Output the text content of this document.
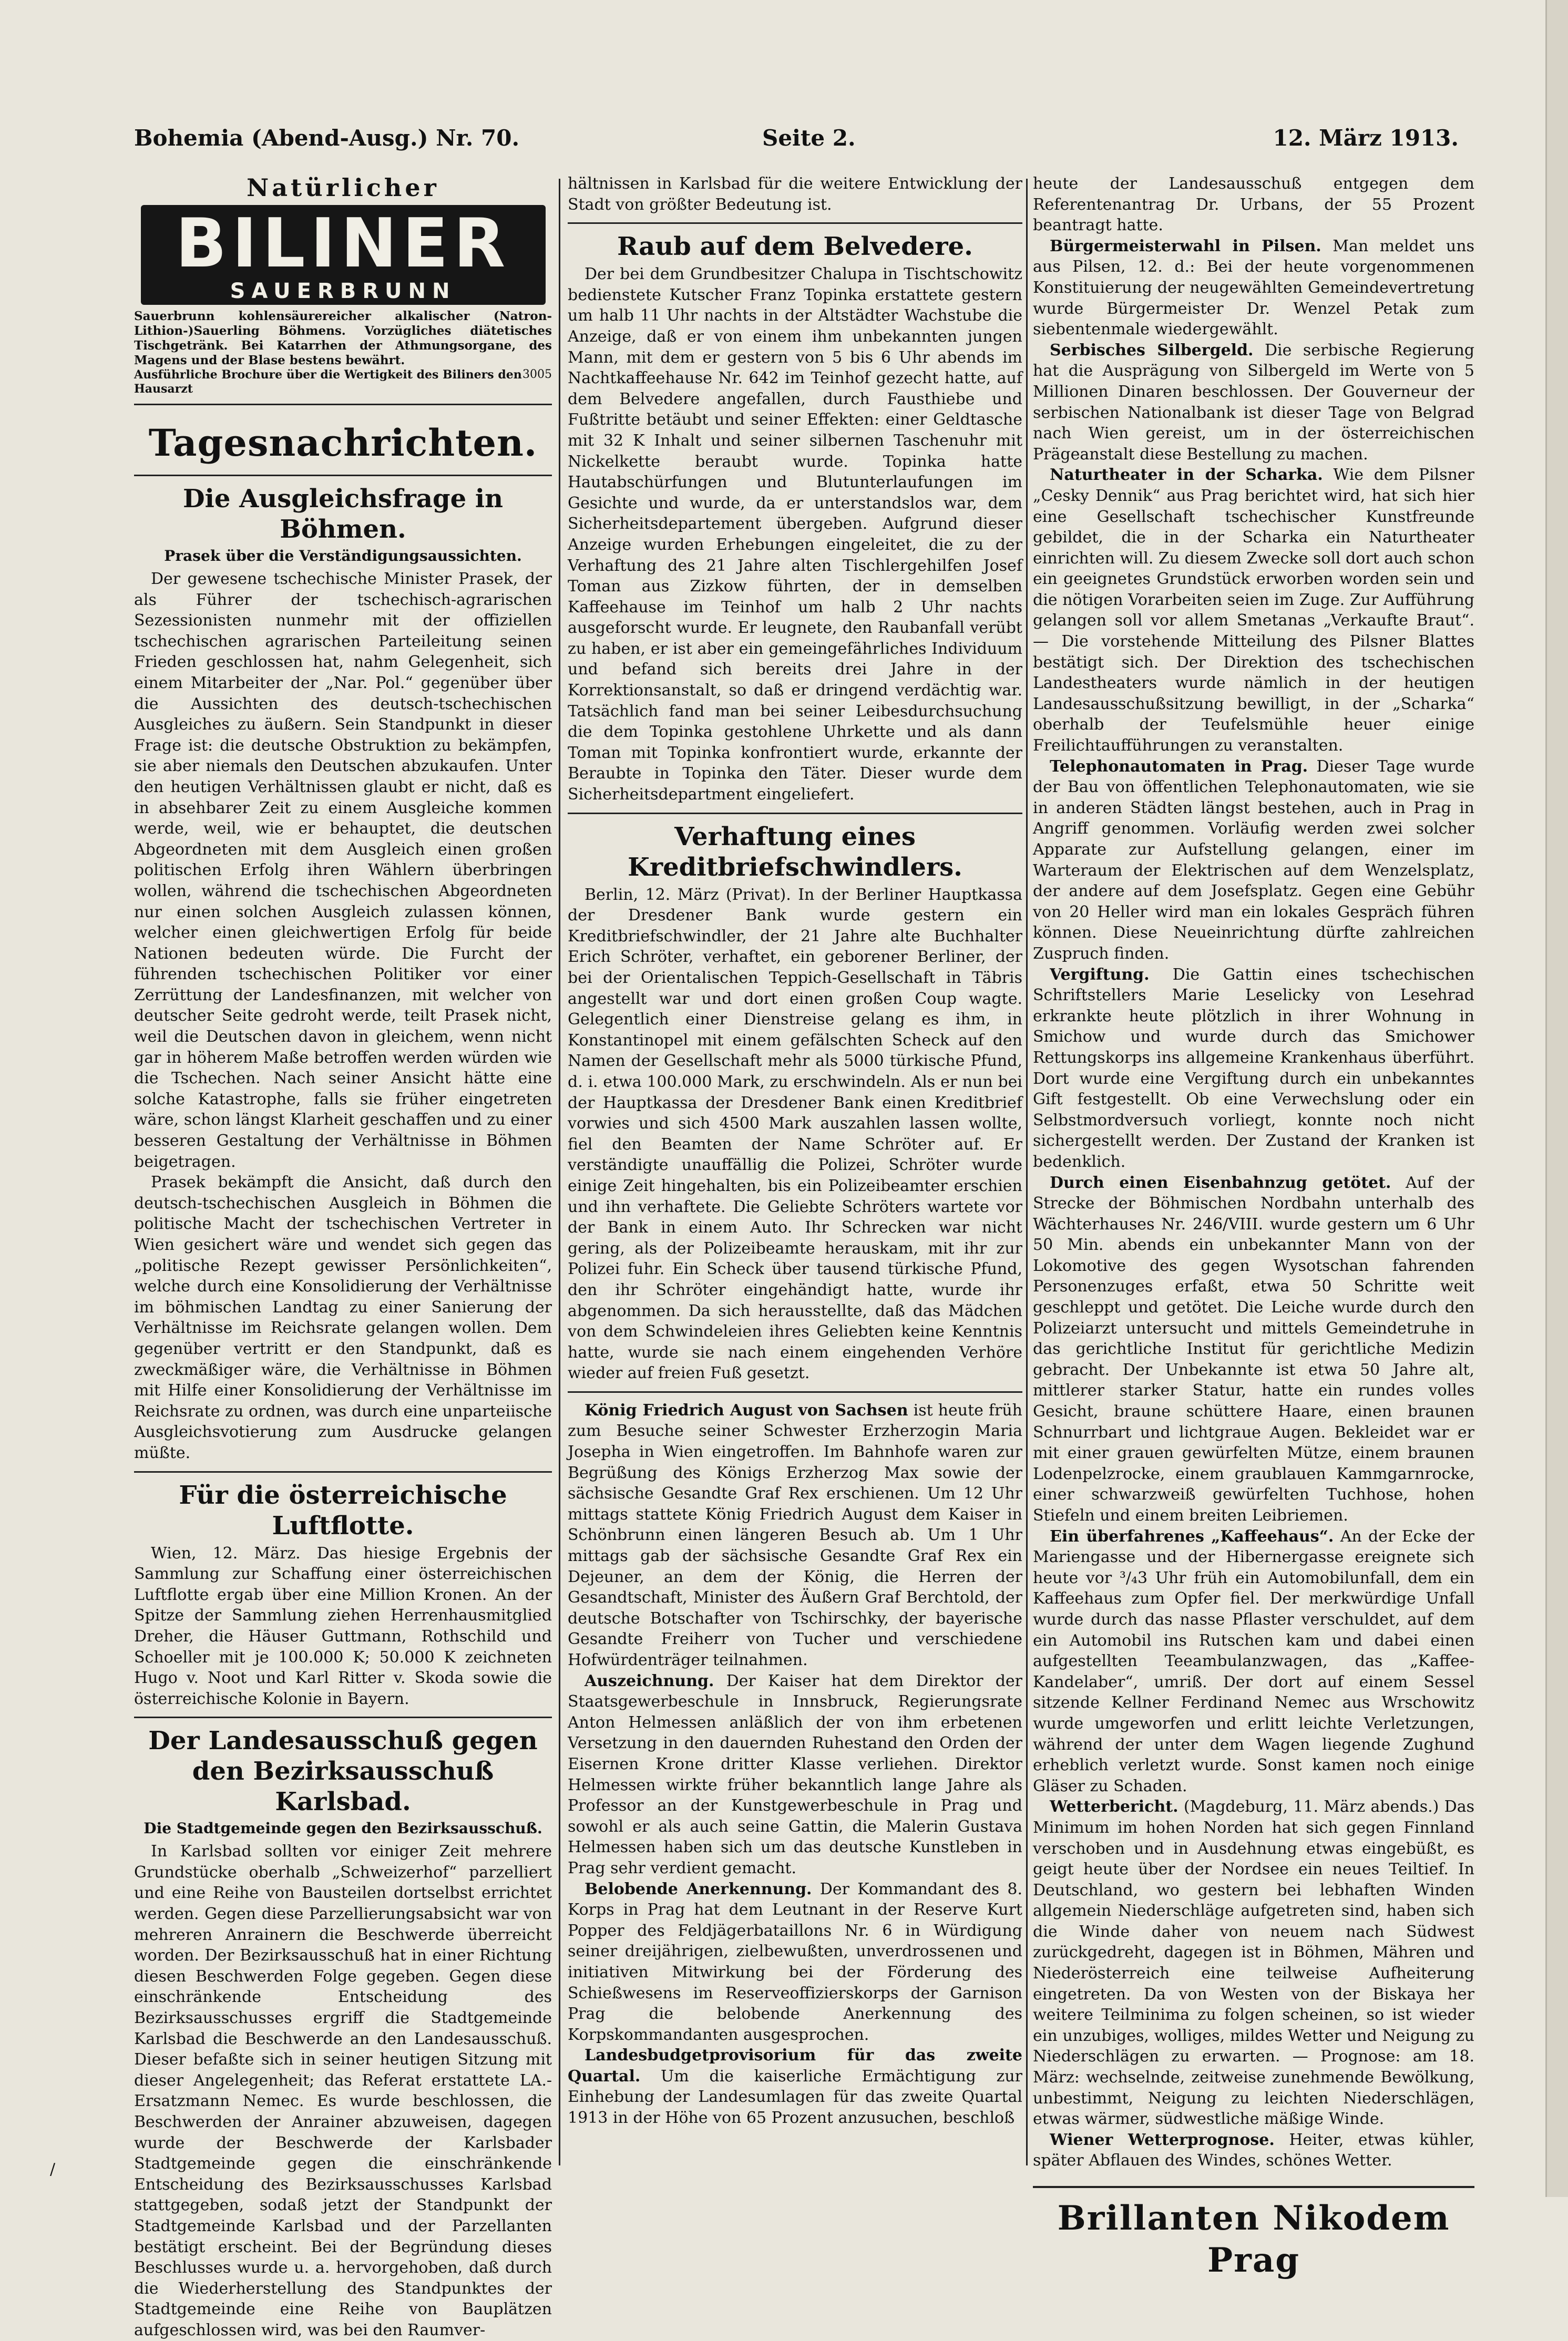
Bohemia (Abend-Ausg.) Nr. 70.	Seite 2.	12. März 1913.
Natürlicher
BILINER
SAUERBRUNN
Sauerbrunn kohlensäurereicher alkalischer (Natron-Lithion-)Sauerling Böhmens. Vorzügliches diätetisches Tischgetränk. Bei Katarrhen der Athmungsorgane, des Magens und der Blase bestens bewährt.
3005
Ausführliche Brochure über die Wertigkeit des Biliners den Hausarzt
Tagesnachrichten.
Die Ausgleichsfrage in Böhmen.
Prasek über die Verständigungsaussichten.

Der gewesene tschechische Minister Prasek, der als Führer der tschechisch-agrarischen Sezessionisten nunmehr mit der offiziellen tschechischen agrarischen Parteileitung seinen Frieden geschlossen hat, nahm Gelegenheit, sich einem Mitarbeiter der „Nar. Pol.“ gegenüber über die Aussichten des deutsch-tschechischen Ausgleiches zu äußern. Sein Standpunkt in dieser Frage ist: die deutsche Obstruktion zu bekämpfen, sie aber niemals den Deutschen abzukaufen. Unter den heutigen Verhältnissen glaubt er nicht, daß es in absehbarer Zeit zu einem Ausgleiche kommen werde, weil, wie er behauptet, die deutschen Abgeordneten mit dem Ausgleich einen großen politischen Erfolg ihren Wählern überbringen wollen, während die tschechischen Abgeordneten nur einen solchen Ausgleich zulassen können, welcher einen gleichwertigen Erfolg für beide Nationen bedeuten würde. Die Furcht der führenden tschechischen Politiker vor einer Zerrüttung der Landesfinanzen, mit welcher von deutscher Seite gedroht werde, teilt Prasek nicht, weil die Deutschen davon in gleichem, wenn nicht gar in höherem Maße betroffen werden würden wie die Tschechen. Nach seiner Ansicht hätte eine solche Katastrophe, falls sie früher eingetreten wäre, schon längst Klarheit geschaffen und zu einer besseren Gestaltung der Verhältnisse in Böhmen beigetragen.

Prasek bekämpft die Ansicht, daß durch den deutsch-tschechischen Ausgleich in Böhmen die politische Macht der tschechischen Vertreter in Wien gesichert wäre und wendet sich gegen das „politische Rezept gewisser Persönlichkeiten“, welche durch eine Konsolidierung der Verhältnisse im böhmischen Landtag zu einer Sanierung der Verhältnisse im Reichsrate gelangen wollen. Dem gegenüber vertritt er den Standpunkt, daß es zweckmäßiger wäre, die Verhältnisse in Böhmen mit Hilfe einer Konsolidierung der Verhältnisse im Reichsrate zu ordnen, was durch eine unparteiische Ausgleichsvotierung zum Ausdrucke gelangen müßte.

Für die österreichische Luftflotte.

Wien, 12. März. Das hiesige Ergebnis der Sammlung zur Schaffung einer österreichischen Luftflotte ergab über eine Million Kronen. An der Spitze der Sammlung ziehen Herrenhausmitglied Dreher, die Häuser Guttmann, Rothschild und Schoeller mit je 100.000 K; 50.000 K zeichneten Hugo v. Noot und Karl Ritter v. Skoda sowie die österreichische Kolonie in Bayern.

Der Landesausschuß gegen den Bezirksausschuß Karlsbad.
Die Stadtgemeinde gegen den Bezirksausschuß.

In Karlsbad sollten vor einiger Zeit mehrere Grundstücke oberhalb „Schweizerhof“ parzelliert und eine Reihe von Bausteilen dortselbst errichtet werden. Gegen diese Parzellierungsabsicht war von mehreren Anrainern die Beschwerde überreicht worden. Der Bezirksausschuß hat in einer Richtung diesen Beschwerden Folge gegeben. Gegen diese einschränkende Entscheidung des Bezirksausschusses ergriff die Stadtgemeinde Karlsbad die Beschwerde an den Landesausschuß. Dieser befaßte sich in seiner heutigen Sitzung mit dieser Angelegenheit; das Referat erstattete LA.-Ersatzmann Nemec. Es wurde beschlossen, die Beschwerden der Anrainer abzuweisen, dagegen wurde der Beschwerde der Karlsbader Stadtgemeinde gegen die einschränkende Entscheidung des Bezirksausschusses Karlsbad stattgegeben, sodaß jetzt der Standpunkt der Stadtgemeinde Karlsbad und der Parzellanten bestätigt erscheint. Bei der Begründung dieses Beschlusses wurde u. a. hervorgehoben, daß durch die Wiederherstellung des Standpunktes der Stadtgemeinde eine Reihe von Bauplätzen aufgeschlossen wird, was bei den Raumver-

hältnissen in Karlsbad für die weitere Entwicklung der Stadt von größter Bedeutung ist.

Raub auf dem Belvedere.

Der bei dem Grundbesitzer Chalupa in Tischtschowitz bedienstete Kutscher Franz Topinka erstattete gestern um halb 11 Uhr nachts in der Altstädter Wachstube die Anzeige, daß er von einem ihm unbekannten jungen Mann, mit dem er gestern von 5 bis 6 Uhr abends im Nachtkaffeehause Nr. 642 im Teinhof gezecht hatte, auf dem Belvedere angefallen, durch Fausthiebe und Fußtritte betäubt und seiner Effekten: einer Geldtasche mit 32 K Inhalt und seiner silbernen Taschenuhr mit Nickelkette beraubt wurde. Topinka hatte Hautabschürfungen und Blutunterlaufungen im Gesichte und wurde, da er unterstandslos war, dem Sicherheitsdepartement übergeben. Aufgrund dieser Anzeige wurden Erhebungen eingeleitet, die zu der Verhaftung des 21 Jahre alten Tischlergehilfen Josef Toman aus Zizkow führten, der in demselben Kaffeehause im Teinhof um halb 2 Uhr nachts ausgeforscht wurde. Er leugnete, den Raubanfall verübt zu haben, er ist aber ein gemeingefährliches Individuum und befand sich bereits drei Jahre in der Korrektionsanstalt, so daß er dringend verdächtig war. Tatsächlich fand man bei seiner Leibesdurchsuchung die dem Topinka gestohlene Uhrkette und als dann Toman mit Topinka konfrontiert wurde, erkannte der Beraubte in Topinka den Täter. Dieser wurde dem Sicherheitsdepartment eingeliefert.

Verhaftung eines Kreditbriefschwindlers.

Berlin, 12. März (Privat). In der Berliner Hauptkassa der Dresdener Bank wurde gestern ein Kreditbriefschwindler, der 21 Jahre alte Buchhalter Erich Schröter, verhaftet, ein geborener Berliner, der bei der Orientalischen Teppich-Gesellschaft in Täbris angestellt war und dort einen großen Coup wagte. Gelegentlich einer Dienstreise gelang es ihm, in Konstantinopel mit einem gefälschten Scheck auf den Namen der Gesellschaft mehr als 5000 türkische Pfund, d. i. etwa 100.000 Mark, zu erschwindeln. Als er nun bei der Hauptkassa der Dresdener Bank einen Kreditbrief vorwies und sich 4500 Mark auszahlen lassen wollte, fiel den Beamten der Name Schröter auf. Er verständigte unauffällig die Polizei, Schröter wurde einige Zeit hingehalten, bis ein Polizeibeamter erschien und ihn verhaftete. Die Geliebte Schröters wartete vor der Bank in einem Auto. Ihr Schrecken war nicht gering, als der Polizeibeamte herauskam, mit ihr zur Polizei fuhr. Ein Scheck über tausend türkische Pfund, den ihr Schröter eingehändigt hatte, wurde ihr abgenommen. Da sich herausstellte, daß das Mädchen von dem Schwindeleien ihres Geliebten keine Kenntnis hatte, wurde sie nach einem eingehenden Verhöre wieder auf freien Fuß gesetzt.

König Friedrich August von Sachsen ist heute früh zum Besuche seiner Schwester Erzherzogin Maria Josepha in Wien eingetroffen. Im Bahnhofe waren zur Begrüßung des Königs Erzherzog Max sowie der sächsische Gesandte Graf Rex erschienen. Um 12 Uhr mittags stattete König Friedrich August dem Kaiser in Schönbrunn einen längeren Besuch ab. Um 1 Uhr mittags gab der sächsische Gesandte Graf Rex ein Dejeuner, an dem der König, die Herren der Gesandtschaft, Minister des Äußern Graf Berchtold, der deutsche Botschafter von Tschirschky, der bayerische Gesandte Freiherr von Tucher und verschiedene Hofwürdenträger teilnahmen.

Auszeichnung. Der Kaiser hat dem Direktor der Staatsgewerbeschule in Innsbruck, Regierungsrate Anton Helmessen anläßlich der von ihm erbetenen Versetzung in den dauernden Ruhestand den Orden der Eisernen Krone dritter Klasse verliehen. Direktor Helmessen wirkte früher bekanntlich lange Jahre als Professor an der Kunstgewerbeschule in Prag und sowohl er als auch seine Gattin, die Malerin Gustava Helmessen haben sich um das deutsche Kunstleben in Prag sehr verdient gemacht.

Belobende Anerkennung. Der Kommandant des 8. Korps in Prag hat dem Leutnant in der Reserve Kurt Popper des Feldjägerbataillons Nr. 6 in Würdigung seiner dreijährigen, zielbewußten, unverdrossenen und initiativen Mitwirkung bei der Förderung des Schießwesens im Reserveoffizierskorps der Garnison Prag die belobende Anerkennung des Korpskommandanten ausgesprochen.

Landesbudgetprovisorium für das zweite Quartal. Um die kaiserliche Ermächtigung zur Einhebung der Landesumlagen für das zweite Quartal 1913 in der Höhe von 65 Prozent anzusuchen, beschloß

heute der Landesausschuß entgegen dem Referentenantrag Dr. Urbans, der 55 Prozent beantragt hatte.

Bürgermeisterwahl in Pilsen. Man meldet uns aus Pilsen, 12. d.: Bei der heute vorgenommenen Konstituierung der neugewählten Gemeindevertretung wurde Bürgermeister Dr. Wenzel Petak zum siebentenmale wiedergewählt.

Serbisches Silbergeld. Die serbische Regierung hat die Ausprägung von Silbergeld im Werte von 5 Millionen Dinaren beschlossen. Der Gouverneur der serbischen Nationalbank ist dieser Tage von Belgrad nach Wien gereist, um in der österreichischen Prägeanstalt diese Bestellung zu machen.

Naturtheater in der Scharka. Wie dem Pilsner „Cesky Dennik“ aus Prag berichtet wird, hat sich hier eine Gesellschaft tschechischer Kunstfreunde gebildet, die in der Scharka ein Naturtheater einrichten will. Zu diesem Zwecke soll dort auch schon ein geeignetes Grundstück erworben worden sein und die nötigen Vorarbeiten seien im Zuge. Zur Aufführung gelangen soll vor allem Smetanas „Verkaufte Braut“. — Die vorstehende Mitteilung des Pilsner Blattes bestätigt sich. Der Direktion des tschechischen Landestheaters wurde nämlich in der heutigen Landesausschußsitzung bewilligt, in der „Scharka“ oberhalb der Teufelsmühle heuer einige Freilichtaufführungen zu veranstalten.

Telephonautomaten in Prag. Dieser Tage wurde der Bau von öffentlichen Telephonautomaten, wie sie in anderen Städten längst bestehen, auch in Prag in Angriff genommen. Vorläufig werden zwei solcher Apparate zur Aufstellung gelangen, einer im Warteraum der Elektrischen auf dem Wenzelsplatz, der andere auf dem Josefsplatz. Gegen eine Gebühr von 20 Heller wird man ein lokales Gespräch führen können. Diese Neueinrichtung dürfte zahlreichen Zuspruch finden.

Vergiftung. Die Gattin eines tschechischen Schriftstellers Marie Leselicky von Lesehrad erkrankte heute plötzlich in ihrer Wohnung in Smichow und wurde durch das Smichower Rettungskorps ins allgemeine Krankenhaus überführt. Dort wurde eine Vergiftung durch ein unbekanntes Gift festgestellt. Ob eine Verwechslung oder ein Selbstmordversuch vorliegt, konnte noch nicht sichergestellt werden. Der Zustand der Kranken ist bedenklich.

Durch einen Eisenbahnzug getötet. Auf der Strecke der Böhmischen Nordbahn unterhalb des Wächterhauses Nr. 246/VIII. wurde gestern um 6 Uhr 50 Min. abends ein unbekannter Mann von der Lokomotive des gegen Wysotschan fahrenden Personenzuges erfaßt, etwa 50 Schritte weit geschleppt und getötet. Die Leiche wurde durch den Polizeiarzt untersucht und mittels Gemeindetruhe in das gerichtliche Institut für gerichtliche Medizin gebracht. Der Unbekannte ist etwa 50 Jahre alt, mittlerer starker Statur, hatte ein rundes volles Gesicht, braune schüttere Haare, einen braunen Schnurrbart und lichtgraue Augen. Bekleidet war er mit einer grauen gewürfelten Mütze, einem braunen Lodenpelzrocke, einem graublauen Kammgarnrocke, einer schwarzweiß gewürfelten Tuchhose, hohen Stiefeln und einem breiten Leibriemen.

Ein überfahrenes „Kaffeehaus“. An der Ecke der Mariengasse und der Hibernergasse ereignete sich heute vor ³/₄3 Uhr früh ein Automobilunfall, dem ein Kaffeehaus zum Opfer fiel. Der merkwürdige Unfall wurde durch das nasse Pflaster verschuldet, auf dem ein Automobil ins Rutschen kam und dabei einen aufgestellten Teeambulanzwagen, das „Kaffee-Kandelaber“, umriß. Der dort auf einem Sessel sitzende Kellner Ferdinand Nemec aus Wrschowitz wurde umgeworfen und erlitt leichte Verletzungen, während der unter dem Wagen liegende Zughund erheblich verletzt wurde. Sonst kamen noch einige Gläser zu Schaden.

Wetterbericht. (Magdeburg, 11. März abends.) Das Minimum im hohen Norden hat sich gegen Finnland verschoben und in Ausdehnung etwas eingebüßt, es geigt heute über der Nordsee ein neues Teiltief. In Deutschland, wo gestern bei lebhaften Winden allgemein Niederschläge aufgetreten sind, haben sich die Winde daher von neuem nach Südwest zurückgedreht, dagegen ist in Böhmen, Mähren und Niederösterreich eine teilweise Aufheiterung eingetreten. Da von Westen von der Biskaya her weitere Teilminima zu folgen scheinen, so ist wieder ein unzubiges, wolliges, mildes Wetter und Neigung zu Niederschlägen zu erwarten. — Prognose: am 18. März: wechselnde, zeitweise zunehmende Bewölkung, unbestimmt, Neigung zu leichten Niederschlägen, etwas wärmer, südwestliche mäßige Winde.

Wiener Wetterprognose. Heiter, etwas kühler, später Abflauen des Windes, schönes Wetter.

Brillanten Nikodem Prag
/
